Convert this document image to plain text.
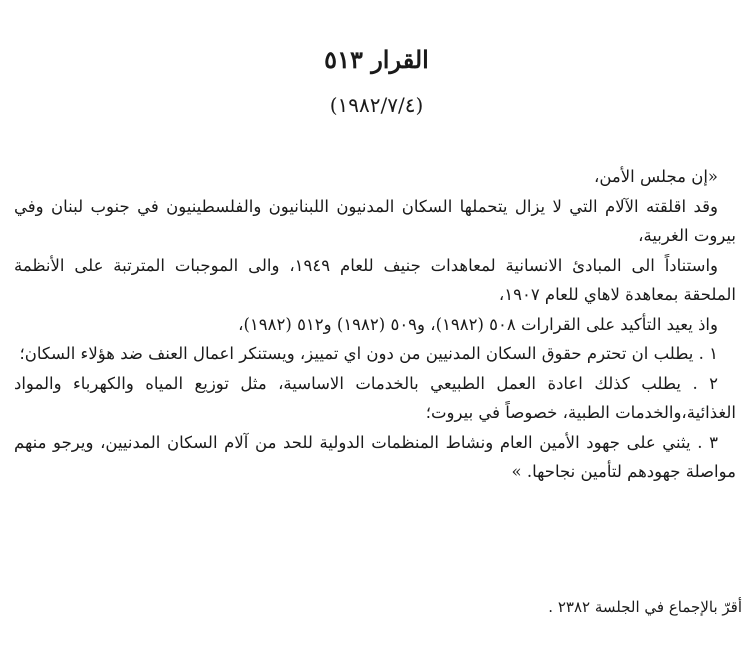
القرار ٥١٣
(١٩٨٢/٧/٤)

«إن مجلس الأمن،

وقد اقلقته الآلام التي لا يزال يتحملها السكان المدنيون اللبنانيون والفلسطينيون في جنوب لبنان وفي بيروت الغربية،

واستناداً الى المبادئ الانسانية لمعاهدات جنيف للعام ١٩٤٩، والى الموجبات المترتبة على الأنظمة الملحقة بمعاهدة لاهاي للعام ١٩٠٧،

واذ يعيد التأكيد على القرارات ٥٠٨ (١٩٨٢)، و٥٠٩ (١٩٨٢) و٥١٢ (١٩٨٢)،

١ . يطلب ان تحترم حقوق السكان المدنيين من دون اي تمييز، ويستنكر اعمال العنف ضد هؤلاء السكان؛

٢ . يطلب كذلك اعادة العمل الطبيعي بالخدمات الاساسية، مثل توزيع المياه والكهرباء والمواد الغذائية،والخدمات الطبية، خصوصاً في بيروت؛

٣ . يثني على جهود الأمين العام ونشاط المنظمات الدولية للحد من آلام السكان المدنيين، ويرجو منهم مواصلة جهودهم لتأمين نجاحها. »

أقرّ بالإجماع في الجلسة ٢٣٨٢ .
